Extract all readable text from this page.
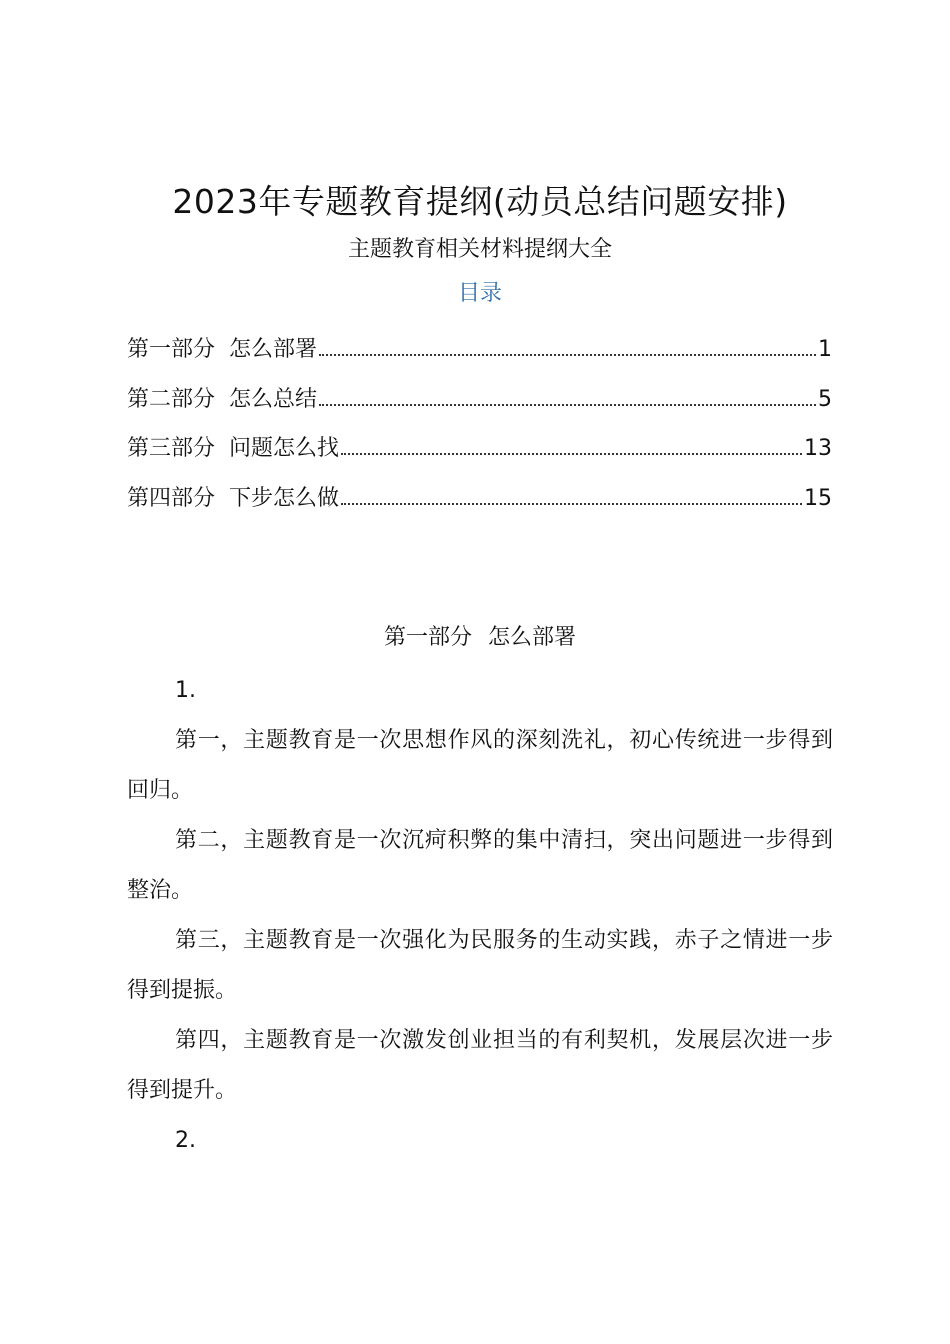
2023年专题教育提纲(动员总结问题安排)
主题教育相关材料提纲大全
目录
第一部分 怎么部署	1
第二部分 怎么总结	5
第三部分 问题怎么找	13
第四部分 下步怎么做	15
第一部分 怎么部署

1.

第一，主题教育是一次思想作风的深刻洗礼，初心传统进一步得到回归。

第二，主题教育是一次沉疴积弊的集中清扫，突出问题进一步得到整治。

第三，主题教育是一次强化为民服务的生动实践，赤子之情进一步得到提振。

第四，主题教育是一次激发创业担当的有利契机，发展层次进一步得到提升。

2.
